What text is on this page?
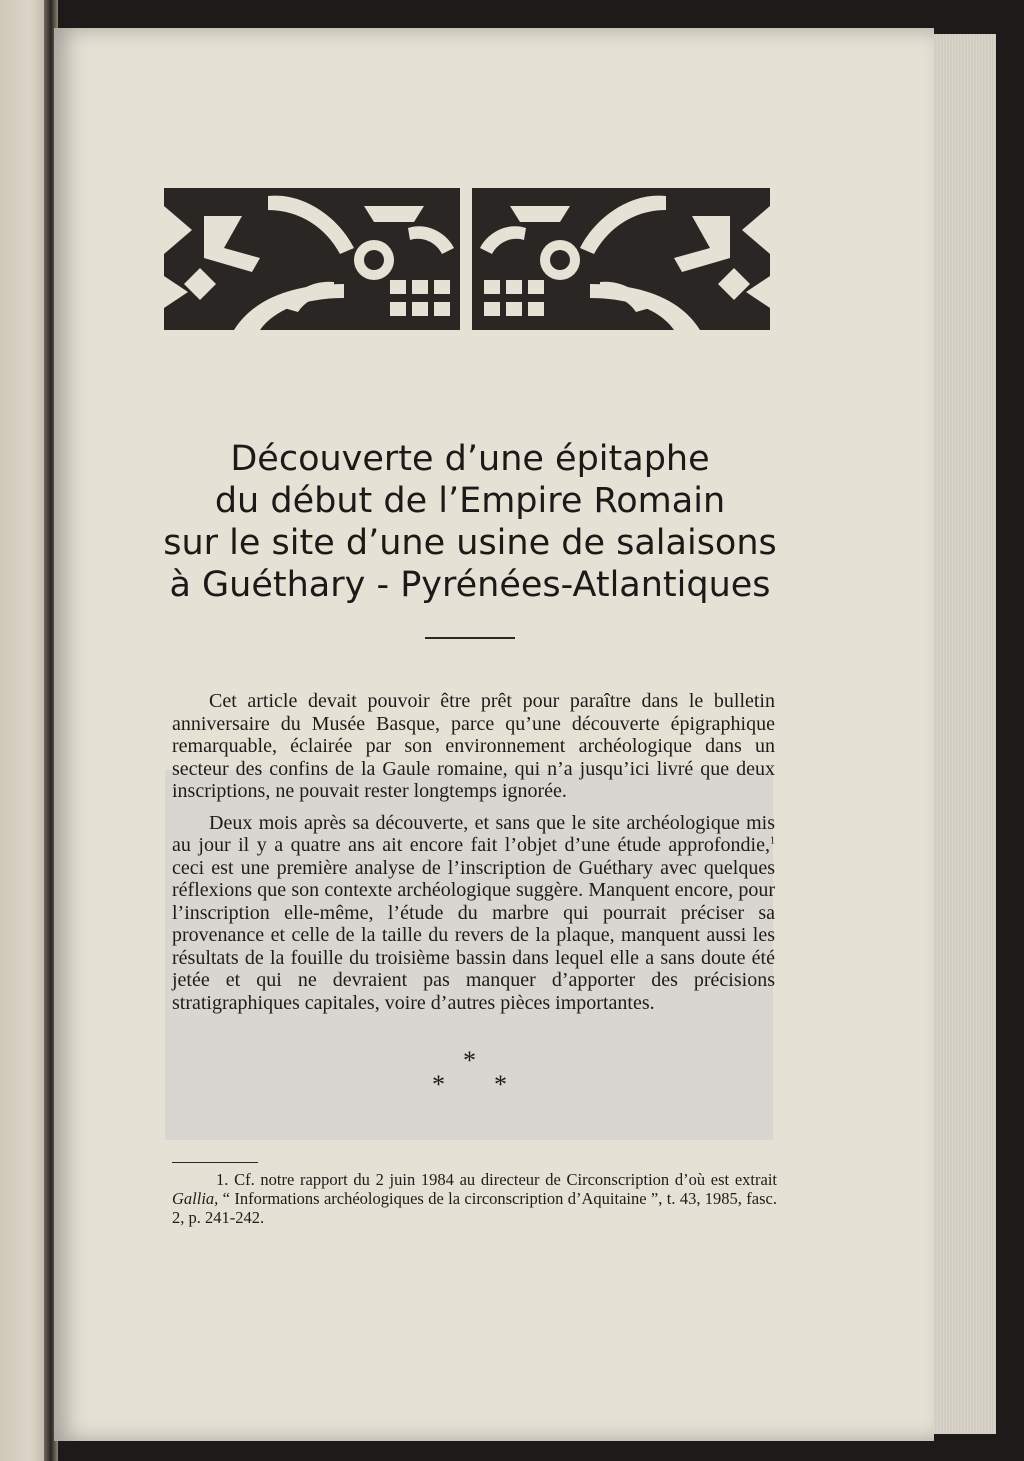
Découverte d’une épitaphe
du début de l’Empire Romain
sur le site d’une usine de salaisons
à Guéthary - Pyrénées-Atlantiques

Cet article devait pouvoir être prêt pour paraître dans le bulletin anniversaire du Musée Basque, parce qu’une découverte épigraphique remarquable, éclairée par son environnement archéologique dans un secteur des confins de la Gaule romaine, qui n’a jusqu’ici livré que deux inscriptions, ne pouvait rester longtemps ignorée.

Deux mois après sa découverte, et sans que le site archéologique mis au jour il y a quatre ans ait encore fait l’objet d’une étude approfondie,$^1$ ceci est une première analyse de l’inscription de Guéthary avec quelques réflexions que son contexte archéologique suggère. Manquent encore, pour l’inscription elle-même, l’étude du marbre qui pourrait préciser sa provenance et celle de la taille du revers de la plaque, manquent aussi les résultats de la fouille du troisième bassin dans lequel elle a sans doute été jetée et qui ne devraient pas manquer d’apporter des précisions stratigraphiques capitales, voire d’autres pièces importantes.

*
* *

1. Cf. notre rapport du 2 juin 1984 au directeur de Circonscription d’où est extrait Gallia, “ Informations archéologiques de la circonscription d’Aquitaine ”, t. 43, 1985, fasc. 2, p. 241-242.
